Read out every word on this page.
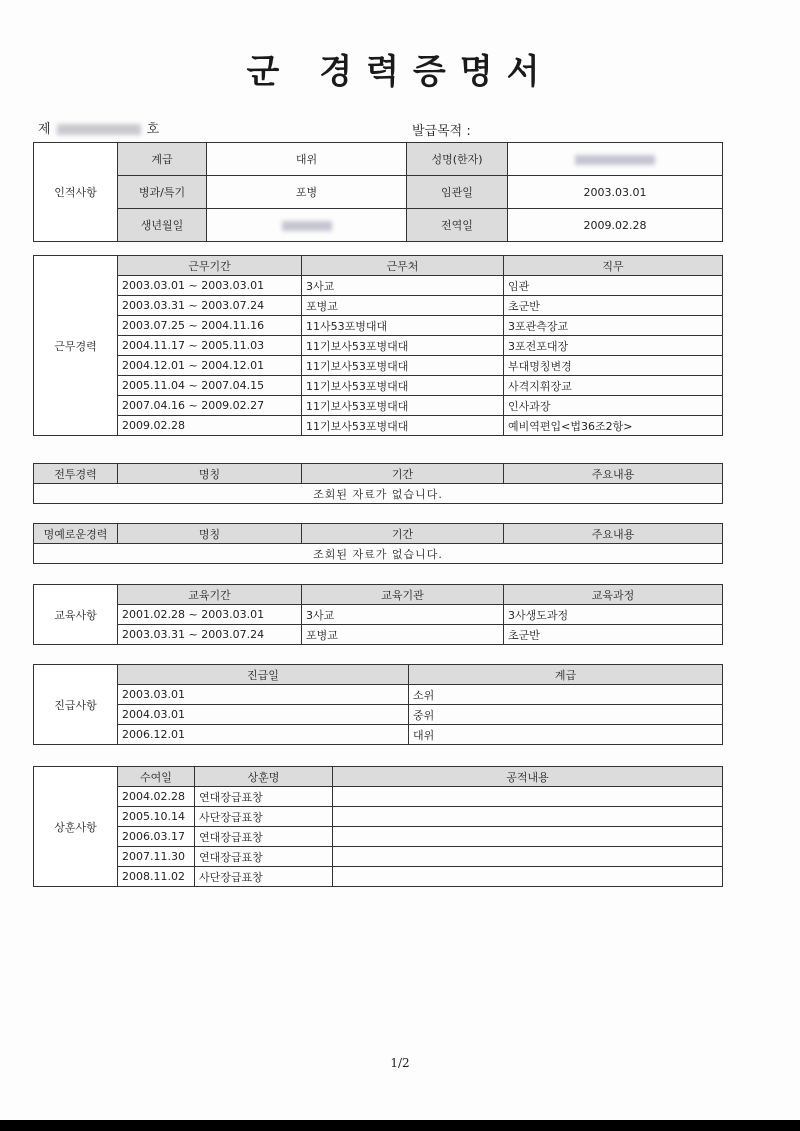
군 경력증명서
제	호	발급목적 :
인적사항	계급	대위	성명(한자)	
	병과/특기	포병	임관일	2003.03.01
	생년월일		전역일	2009.02.28
근무경력	근무기간	근무처	직무
	2003.03.01 ~ 2003.03.01	3사교	임관
	2003.03.31 ~ 2003.07.24	포병교	초군반
	2003.07.25 ~ 2004.11.16	11사53포병대대	3포관측장교
	2004.11.17 ~ 2005.11.03	11기보사53포병대대	3포전포대장
	2004.12.01 ~ 2004.12.01	11기보사53포병대대	부대명칭변경
	2005.11.04 ~ 2007.04.15	11기보사53포병대대	사격지휘장교
	2007.04.16 ~ 2009.02.27	11기보사53포병대대	인사과장
	2009.02.28	11기보사53포병대대	예비역편입<법36조2항>
전투경력	명칭	기간	주요내용
조회된 자료가 없습니다.
명예로운경력	명칭	기간	주요내용
조회된 자료가 없습니다.
교육사항	교육기간	교육기관	교육과정
	2001.02.28 ~ 2003.03.01	3사교	3사생도과정
	2003.03.31 ~ 2003.07.24	포병교	초군반
진급사항	진급일	계급
	2003.03.01	소위
	2004.03.01	중위
	2006.12.01	대위
상훈사항	수여일	상훈명	공적내용
	2004.02.28	연대장급표창	
	2005.10.14	사단장급표창	
	2006.03.17	연대장급표창	
	2007.11.30	연대장급표창	
	2008.11.02	사단장급표창	
1/2
